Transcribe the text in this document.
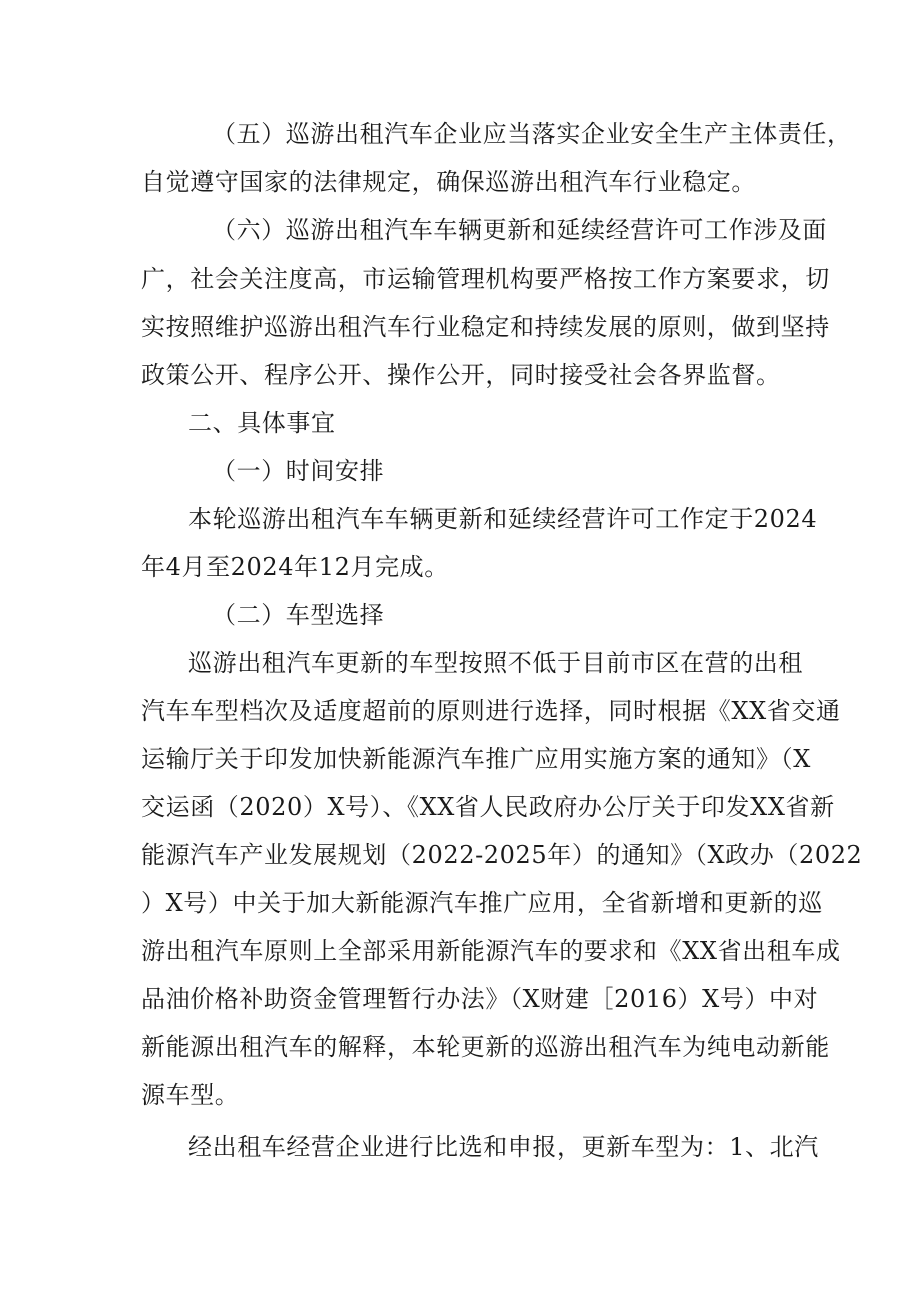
（五）巡游出租汽车企业应当落实企业安全生产主体责任，
自觉遵守国家的法律规定，确保巡游出租汽车行业稳定。
（六）巡游出租汽车车辆更新和延续经营许可工作涉及面
广，社会关注度高，市运输管理机构要严格按工作方案要求，切
实按照维护巡游出租汽车行业稳定和持续发展的原则，做到坚持
政策公开、程序公开、操作公开，同时接受社会各界监督。
二、具体事宜
（一）时间安排
本轮巡游出租汽车车辆更新和延续经营许可工作定于2024
年4月至2024年12月完成。
（二）车型选择
巡游出租汽车更新的车型按照不低于目前市区在营的出租
汽车车型档次及适度超前的原则进行选择，同时根据《XX省交通
运输厅关于印发加快新能源汽车推广应用实施方案的通知》（X
交运函（2020）X号）、《XX省人民政府办公厅关于印发XX省新
能源汽车产业发展规划（2022-2025年）的通知》（X政办（2022
）X号）中关于加大新能源汽车推广应用，全省新增和更新的巡
游出租汽车原则上全部采用新能源汽车的要求和《XX省出租车成
品油价格补助资金管理暂行办法》（X财建［2016）X号）中对
新能源出租汽车的解释，本轮更新的巡游出租汽车为纯电动新能
源车型。
经出租车经营企业进行比选和申报，更新车型为：1、北汽
